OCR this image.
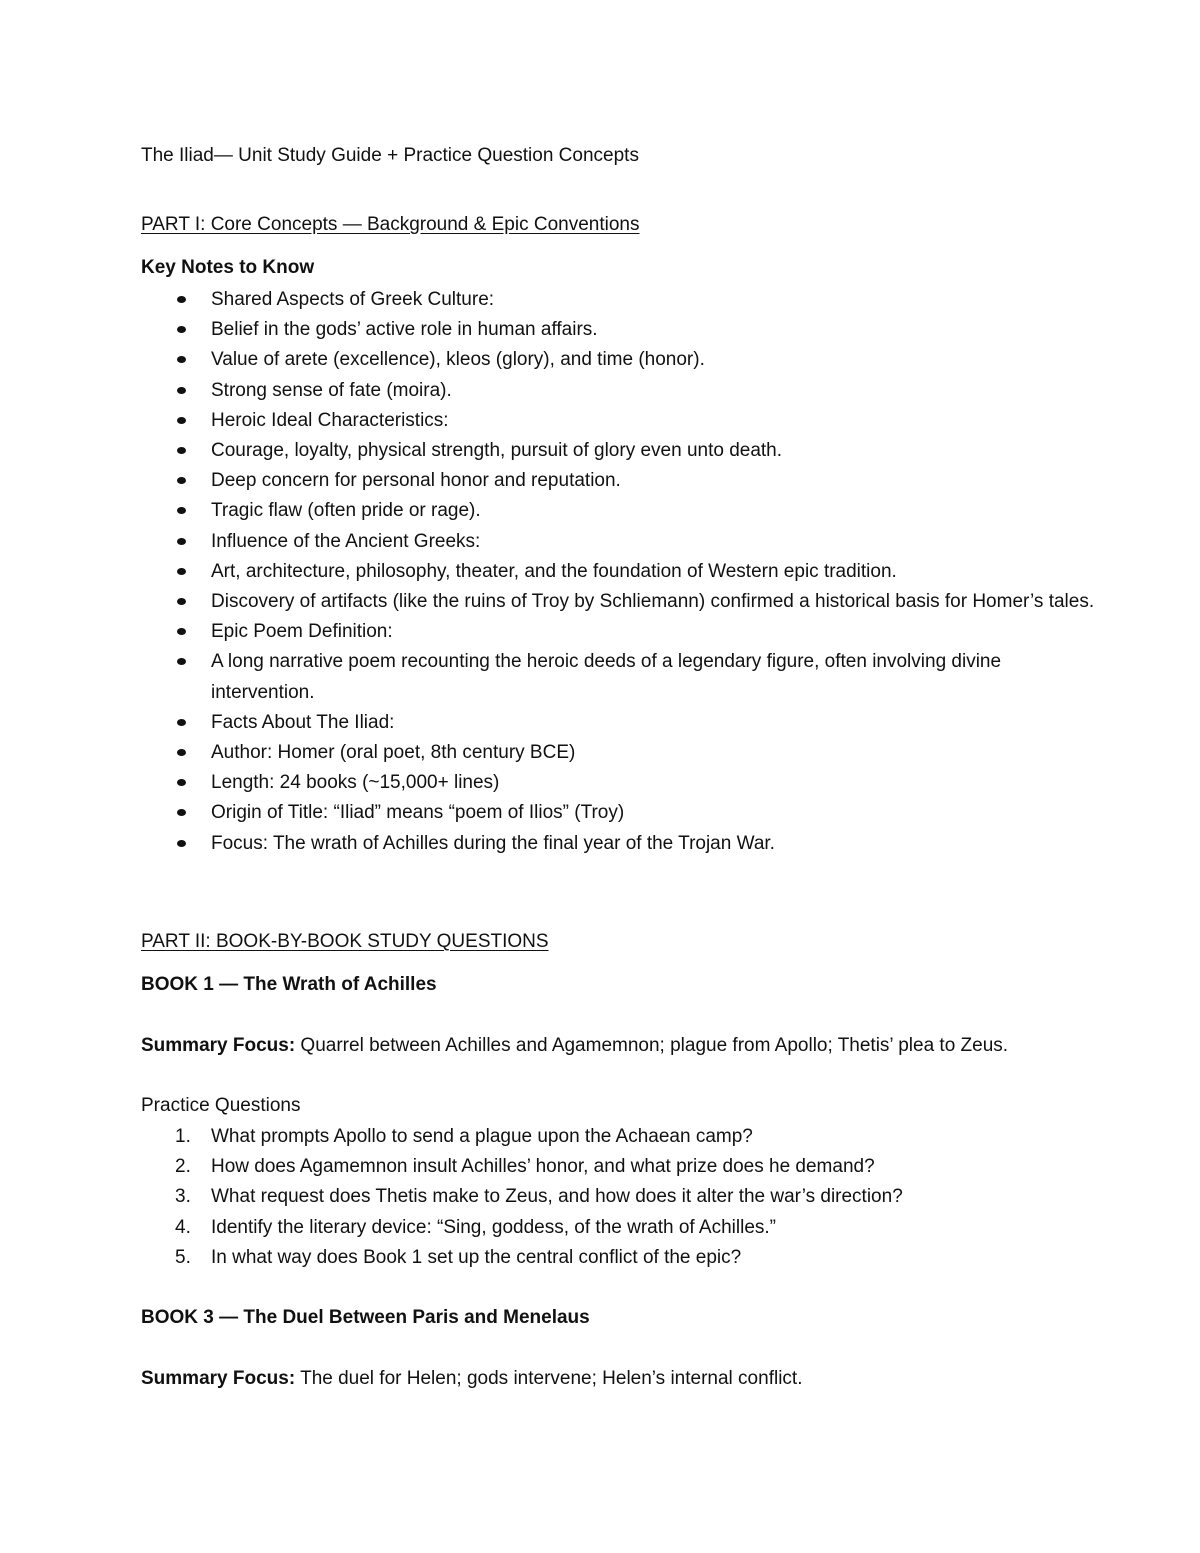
The Iliad— Unit Study Guide + Practice Question Concepts
PART I: Core Concepts — Background & Epic Conventions
Key Notes to Know
Shared Aspects of Greek Culture:
Belief in the gods’ active role in human affairs.
Value of arete (excellence), kleos (glory), and time (honor).
Strong sense of fate (moira).
Heroic Ideal Characteristics:
Courage, loyalty, physical strength, pursuit of glory even unto death.
Deep concern for personal honor and reputation.
Tragic flaw (often pride or rage).
Influence of the Ancient Greeks:
Art, architecture, philosophy, theater, and the foundation of Western epic tradition.
Discovery of artifacts (like the ruins of Troy by Schliemann) confirmed a historical basis for Homer’s tales.
Epic Poem Definition:
A long narrative poem recounting the heroic deeds of a legendary figure, often involving divine intervention.
Facts About The Iliad:
Author: Homer (oral poet, 8th century BCE)
Length: 24 books (~15,000+ lines)
Origin of Title: “Iliad” means “poem of Ilios” (Troy)
Focus: The wrath of Achilles during the final year of the Trojan War.
PART II: BOOK-BY-BOOK STUDY QUESTIONS
BOOK 1 — The Wrath of Achilles
Summary Focus: Quarrel between Achilles and Agamemnon; plague from Apollo; Thetis’ plea to Zeus.
Practice Questions
1. What prompts Apollo to send a plague upon the Achaean camp?
2. How does Agamemnon insult Achilles’ honor, and what prize does he demand?
3. What request does Thetis make to Zeus, and how does it alter the war’s direction?
4. Identify the literary device: “Sing, goddess, of the wrath of Achilles.”
5. In what way does Book 1 set up the central conflict of the epic?
BOOK 3 — The Duel Between Paris and Menelaus
Summary Focus: The duel for Helen; gods intervene; Helen’s internal conflict.
